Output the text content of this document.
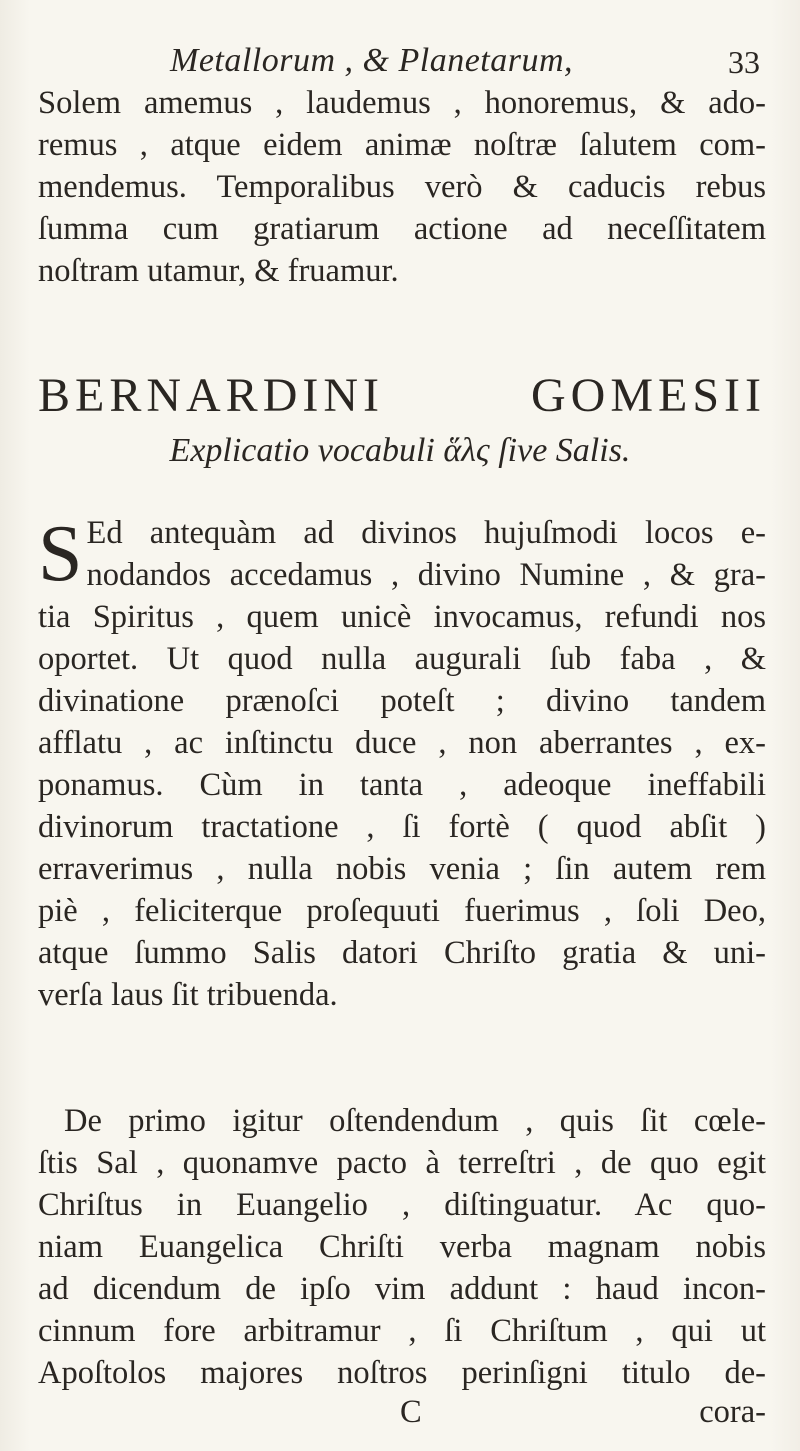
Metallorum , & Planetarum,	33
Solem amemus , laudemus , honoremus, & ado-
remus , atque eidem animæ noſtræ ſalutem com-
mendemus. Temporalibus verò & caducis rebus
ſumma cum gratiarum actione ad neceſſitatem
noſtram utamur, & fruamur.
BERNARDINI GOMESII
Explicatio vocabuli ἅλς ſive Salis.
S Ed antequàm ad divinos hujuſmodi locos e-
nodandos accedamus , divino Numine , & gra-
tia Spiritus , quem unicè invocamus, refundi nos
oportet. Ut quod nulla augurali ſub faba , &
divinatione prænoſci poteſt ; divino tandem
afflatu , ac inſtinctu duce , non aberrantes , ex-
ponamus. Cùm in tanta , adeoque ineffabili
divinorum tractatione , ſi fortè ( quod abſit )
erraverimus , nulla nobis venia ; ſin autem rem
piè , feliciterque proſequuti fuerimus , ſoli Deo,
atque ſummo Salis datori Chriſto gratia & uni-
verſa laus ſit tribuenda.
De primo igitur oſtendendum , quis ſit cœle-
ſtis Sal , quonamve pacto à terreſtri , de quo egit
Chriſtus in Euangelio , diſtinguatur. Ac quo-
niam Euangelica Chriſti verba magnam nobis
ad dicendum de ipſo vim addunt : haud incon-
cinnum fore arbitramur , ſi Chriſtum , qui ut
Apoſtolos majores noſtros perinſigni titulo de-
C	cora-
